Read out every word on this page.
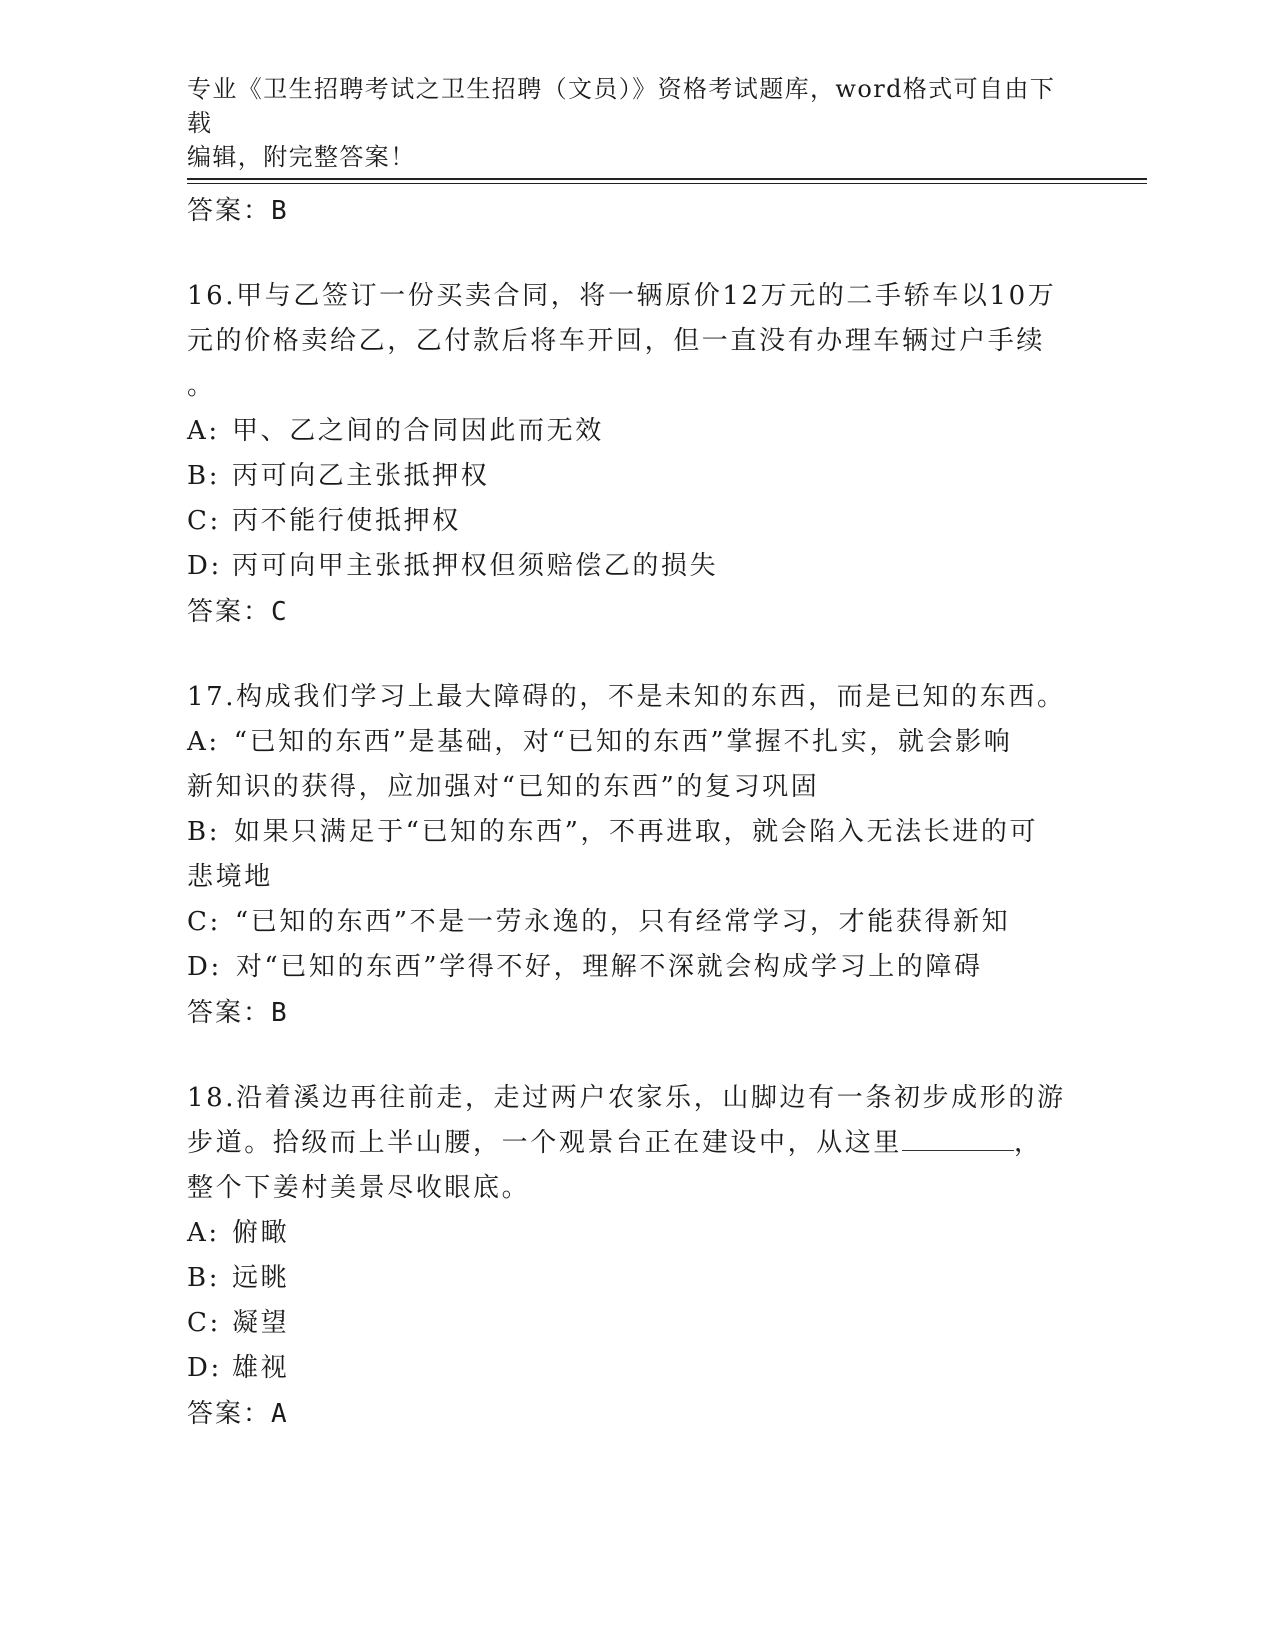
专业《卫生招聘考试之卫生招聘（文员）》资格考试题库，word格式可自由下载
编辑，附完整答案！
答案：B
16.甲与乙签订一份买卖合同，将一辆原价12万元的二手轿车以10万
元的价格卖给乙，乙付款后将车开回，但一直没有办理车辆过户手续
。
A: 甲、乙之间的合同因此而无效
B: 丙可向乙主张抵押权
C: 丙不能行使抵押权
D: 丙可向甲主张抵押权但须赔偿乙的损失
答案：C
17.构成我们学习上最大障碍的，不是未知的东西，而是已知的东西。
A: “已知的东西”是基础，对“已知的东西”掌握不扎实，就会影响
新知识的获得，应加强对“已知的东西”的复习巩固
B: 如果只满足于“已知的东西”，不再进取，就会陷入无法长进的可
悲境地
C: “已知的东西”不是一劳永逸的，只有经常学习，才能获得新知
D: 对“已知的东西”学得不好，理解不深就会构成学习上的障碍
答案：B
18.沿着溪边再往前走，走过两户农家乐，山脚边有一条初步成形的游
步道。拾级而上半山腰，一个观景台正在建设中，从这里	，
整个下姜村美景尽收眼底。
A: 俯瞰
B: 远眺
C: 凝望
D: 雄视
答案：A
